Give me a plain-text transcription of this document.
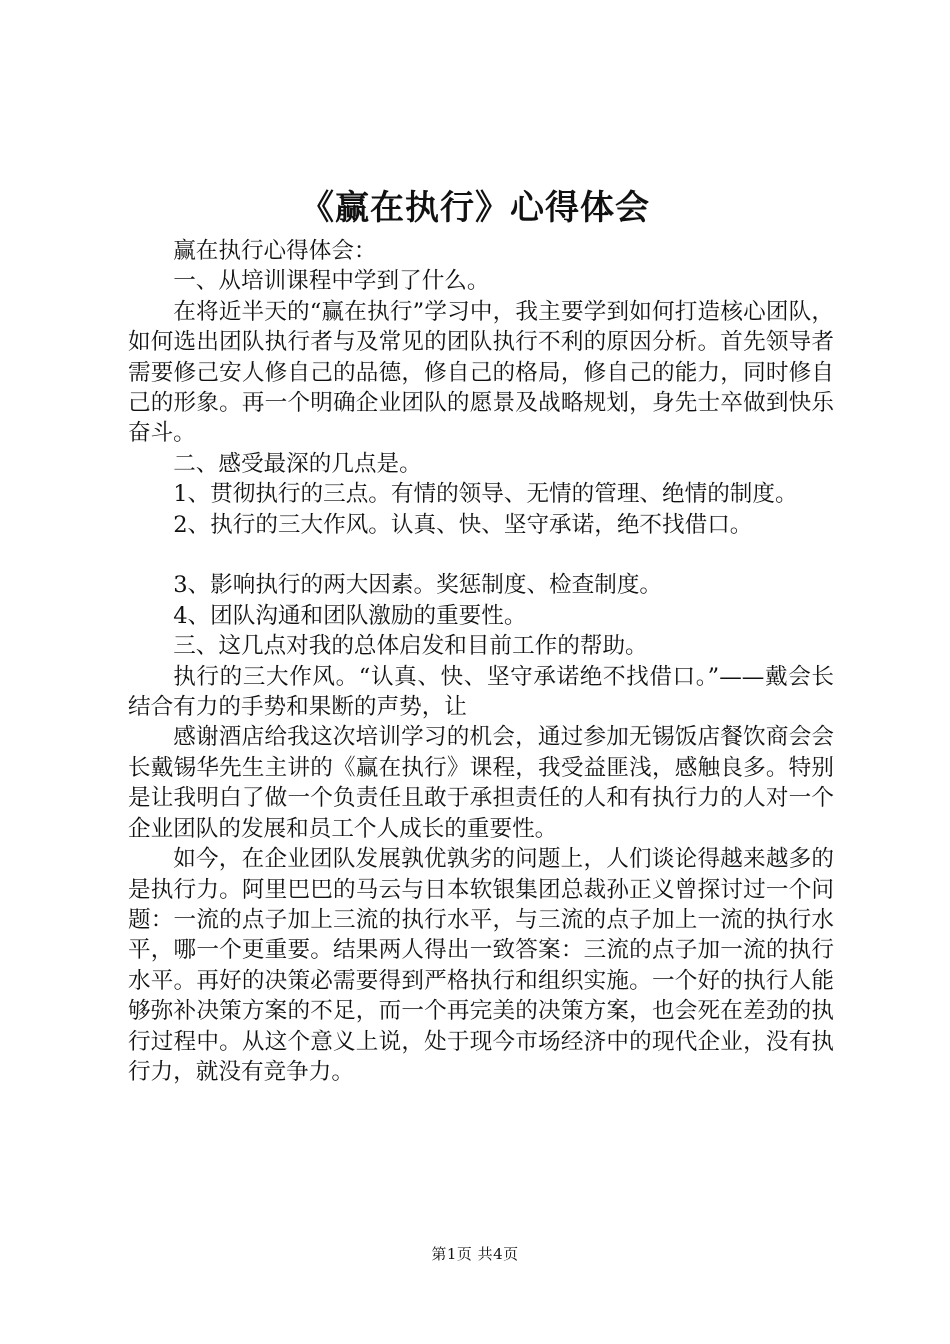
《赢在执行》心得体会

赢在执行心得体会：

一、从培训课程中学到了什么。

在将近半天的“赢在执行”学习中，我主要学到如何打造核心团队，如何选出团队执行者与及常见的团队执行不利的原因分析。首先领导者需要修己安人修自己的品德，修自己的格局，修自己的能力，同时修自己的形象。再一个明确企业团队的愿景及战略规划，身先士卒做到快乐奋斗。

二、感受最深的几点是。

1、贯彻执行的三点。有情的领导、无情的管理、绝情的制度。

2、执行的三大作风。认真、快、坚守承诺，绝不找借口。

3、影响执行的两大因素。奖惩制度、检查制度。

4、团队沟通和团队激励的重要性。

三、这几点对我的总体启发和目前工作的帮助。

执行的三大作风。“认真、快、坚守承诺绝不找借口。”——戴会长结合有力的手势和果断的声势，让

感谢酒店给我这次培训学习的机会，通过参加无锡饭店餐饮商会会长戴锡华先生主讲的《赢在执行》课程，我受益匪浅，感触良多。特别是让我明白了做一个负责任且敢于承担责任的人和有执行力的人对一个企业团队的发展和员工个人成长的重要性。

如今，在企业团队发展孰优孰劣的问题上，人们谈论得越来越多的是执行力。阿里巴巴的马云与日本软银集团总裁孙正义曾探讨过一个问题：一流的点子加上三流的执行水平，与三流的点子加上一流的执行水平，哪一个更重要。结果两人得出一致答案：三流的点子加一流的执行水平。再好的决策必需要得到严格执行和组织实施。一个好的执行人能够弥补决策方案的不足，而一个再完美的决策方案，也会死在差劲的执行过程中。从这个意义上说，处于现今市场经济中的现代企业，没有执行力，就没有竞争力。

第1页 共4页
